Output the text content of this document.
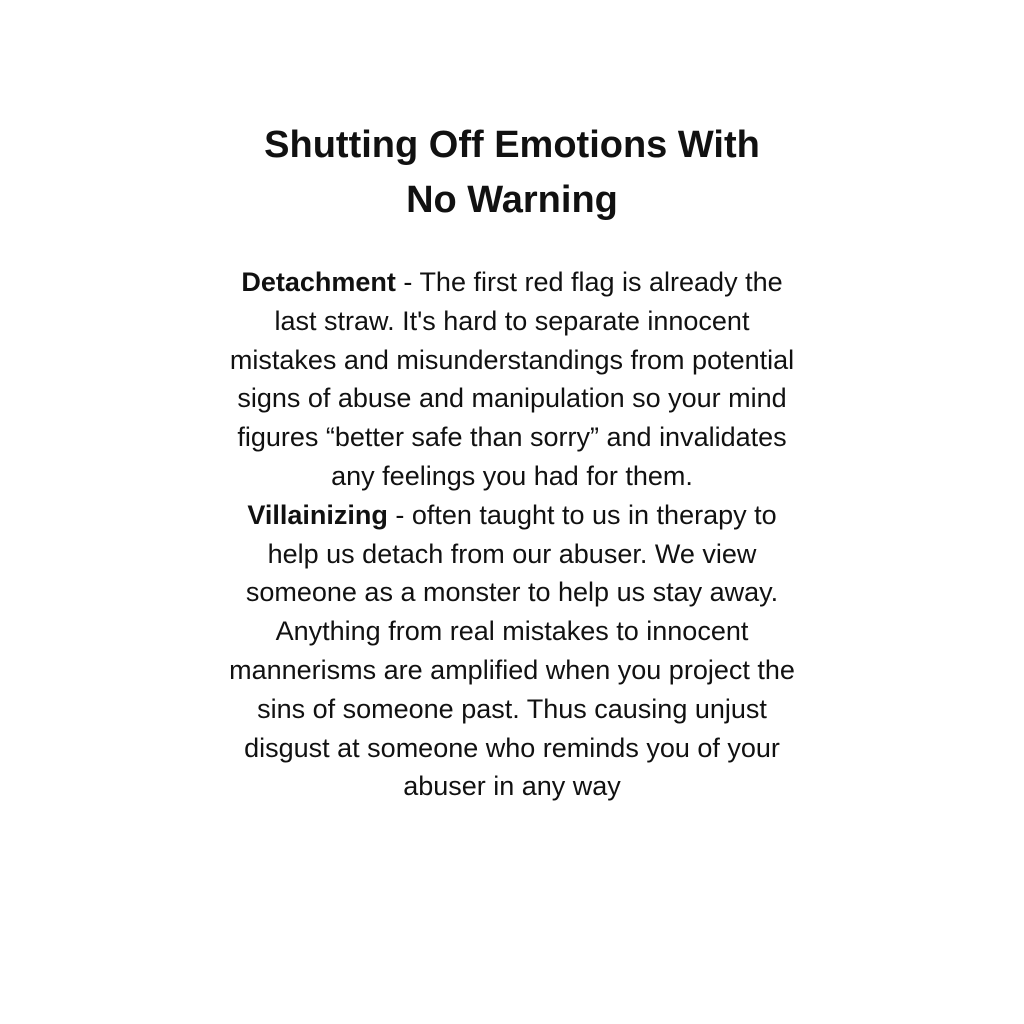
Shutting Off Emotions With
No Warning

Detachment - The first red flag is already the last straw. It's hard to separate innocent mistakes and misunderstandings from potential signs of abuse and manipulation so your mind figures “better safe than sorry” and invalidates any feelings you had for them.

Villainizing - often taught to us in therapy to help us detach from our abuser. We view someone as a monster to help us stay away. Anything from real mistakes to innocent mannerisms are amplified when you project the sins of someone past. Thus causing unjust disgust at someone who reminds you of your abuser in any way
